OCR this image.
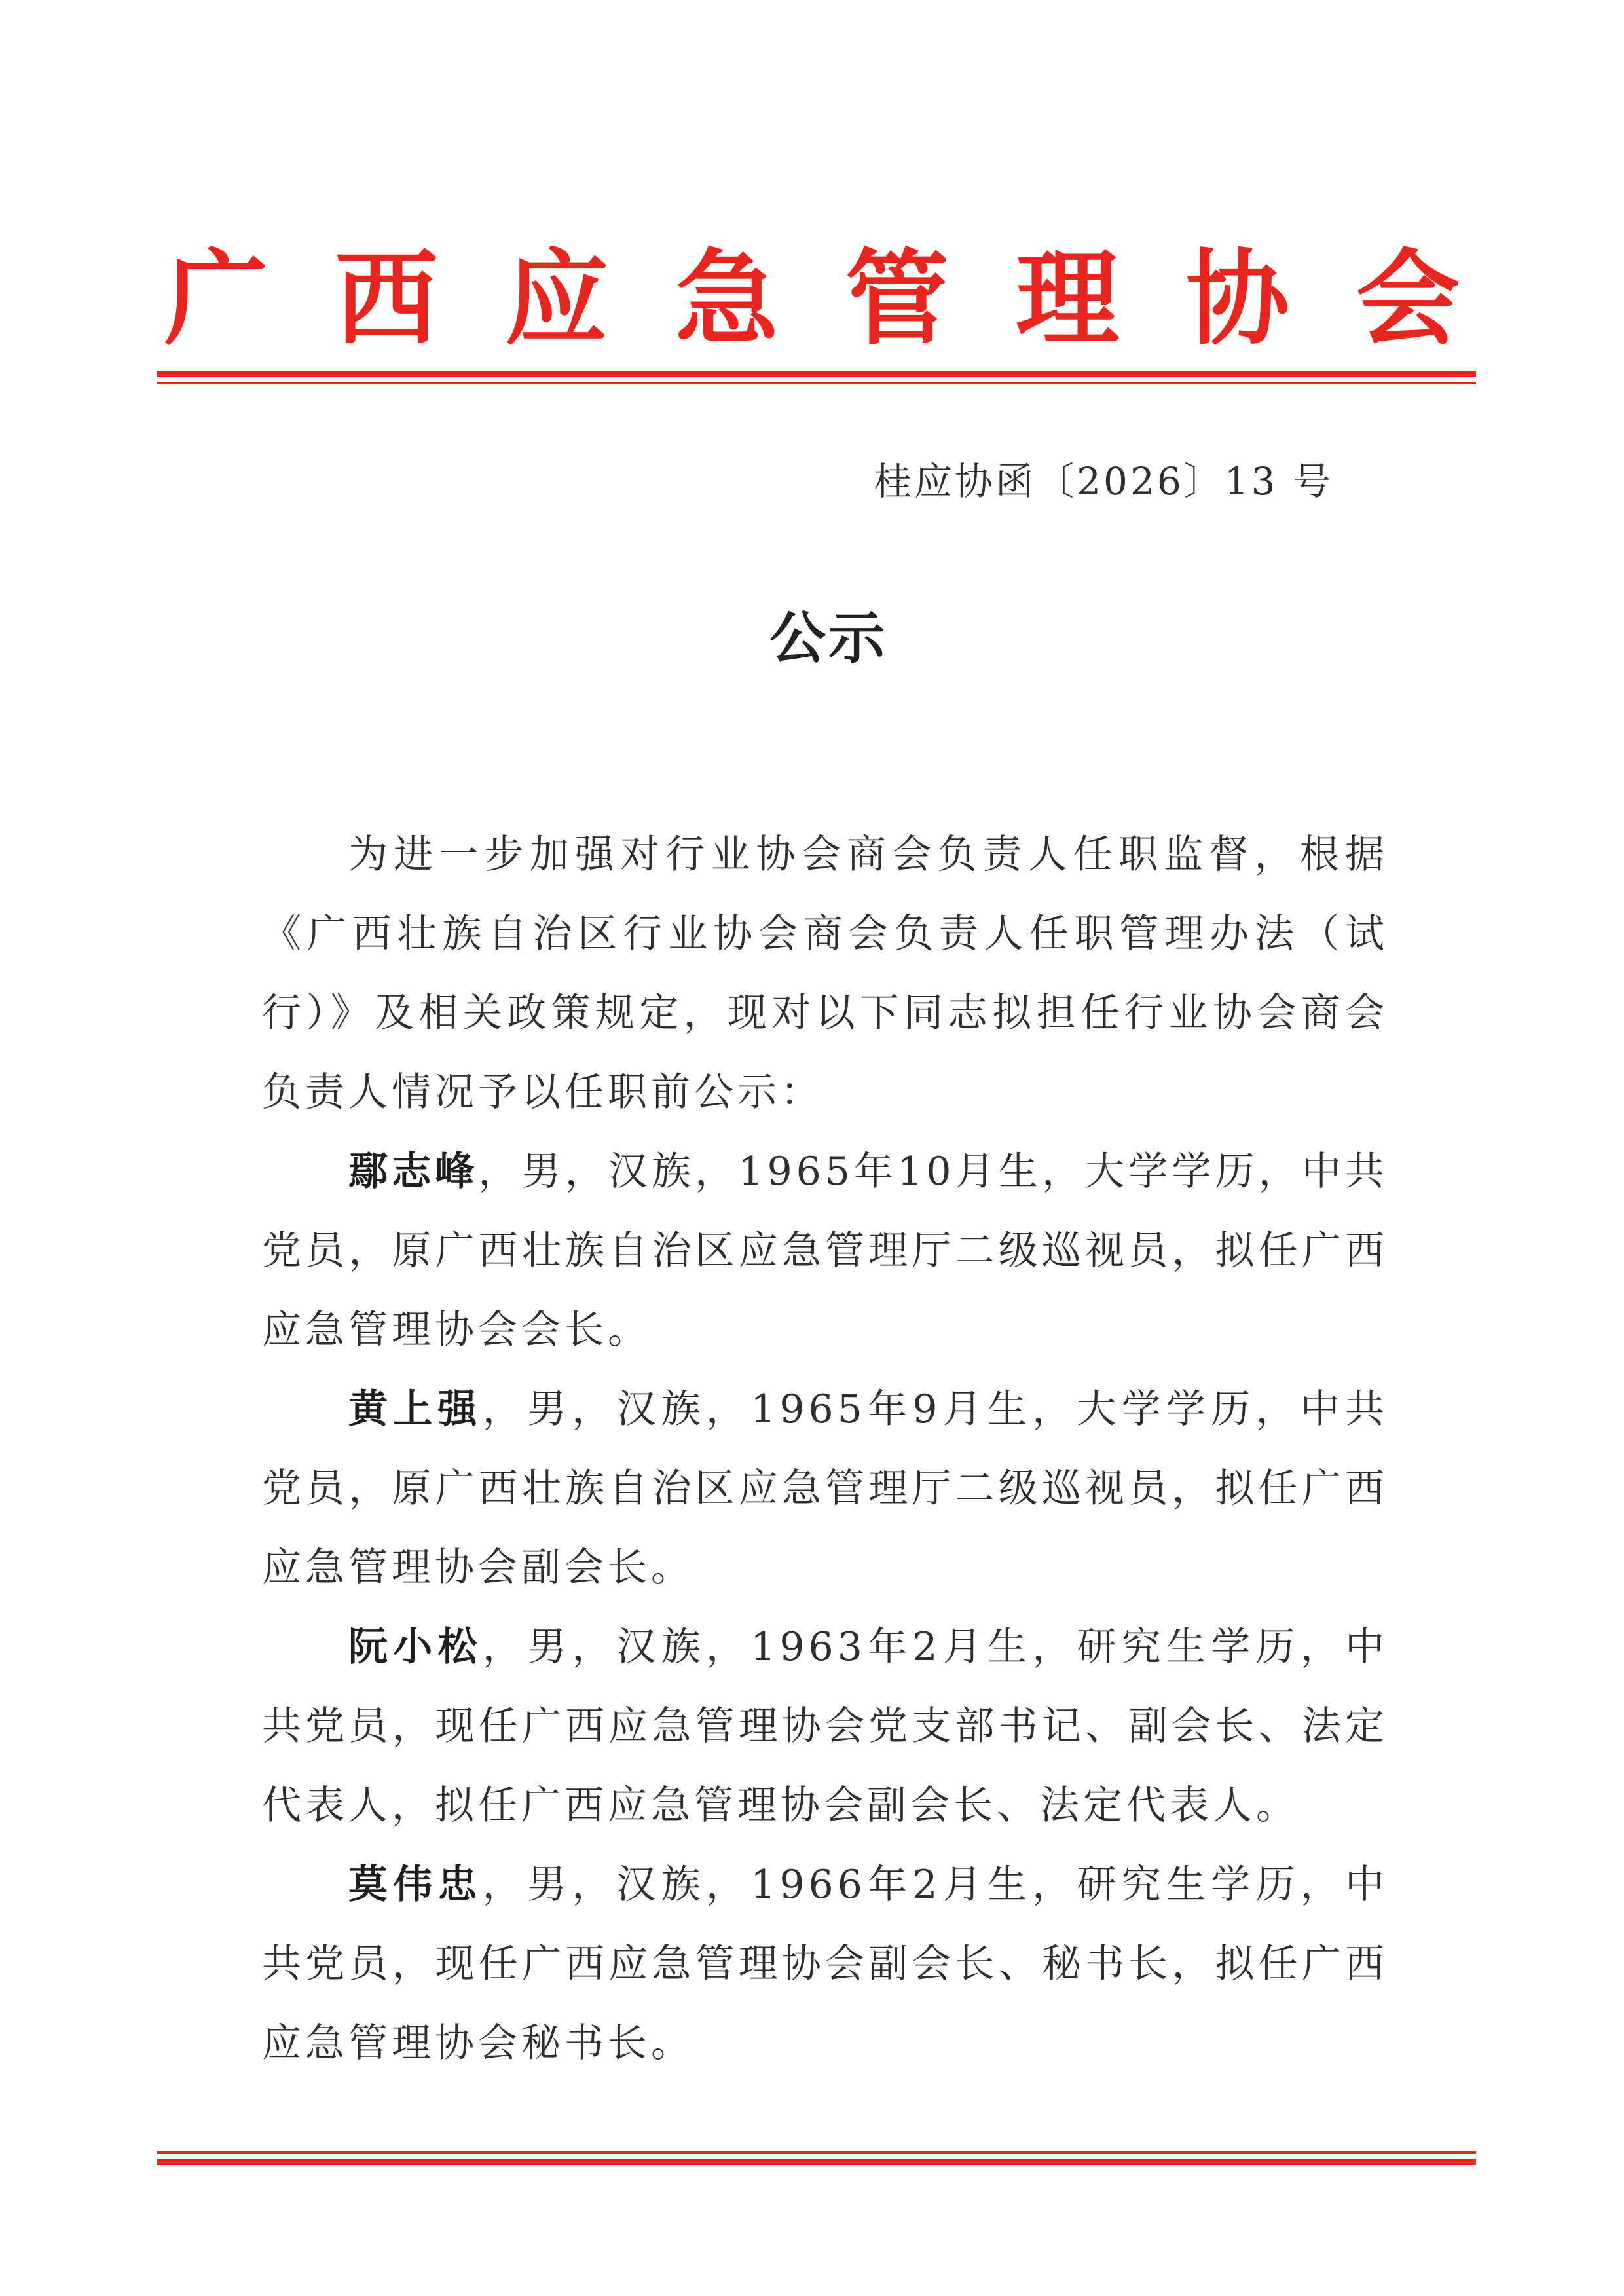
广 西 应 急 管 理 协 会
桂应协函〔2026〕13 号
公示

为进一步加强对行业协会商会负责人任职监督，根据《广西壮族自治区行业协会商会负责人任职管理办法（试行）》及相关政策规定，现对以下同志拟担任行业协会商会负责人情况予以任职前公示：

鄢志峰，男，汉族，1965年10月生，大学学历，中共党员，原广西壮族自治区应急管理厅二级巡视员，拟任广西应急管理协会会长。

黄上强，男，汉族，1965年9月生，大学学历，中共党员，原广西壮族自治区应急管理厅二级巡视员，拟任广西应急管理协会副会长。

阮小松，男，汉族，1963年2月生，研究生学历，中共党员，现任广西应急管理协会党支部书记、副会长、法定代表人，拟任广西应急管理协会副会长、法定代表人。

莫伟忠，男，汉族，1966年2月生，研究生学历，中共党员，现任广西应急管理协会副会长、秘书长，拟任广西应急管理协会秘书长。
